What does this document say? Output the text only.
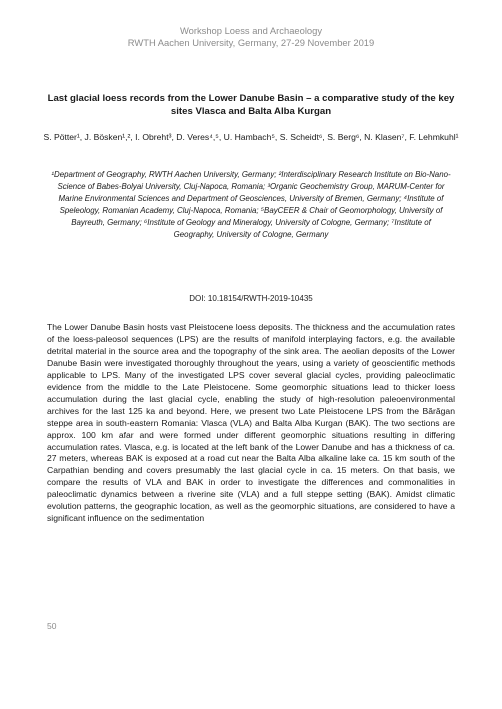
Workshop Loess and Archaeology
RWTH Aachen University, Germany, 27-29 November 2019
Last glacial loess records from the Lower Danube Basin – a comparative study of the key sites Vlasca and Balta Alba Kurgan
S. Pötter¹, J. Bösken¹,², I. Obreht³, D. Veres⁴,⁵, U. Hambach⁵, S. Scheidt⁶, S. Berg⁶, N. Klasen⁷, F. Lehmkuhl¹
¹Department of Geography, RWTH Aachen University, Germany; ²Interdisciplinary Research Institute on Bio-Nano-Science of Babes-Bolyai University, Cluj-Napoca, Romania; ³Organic Geochemistry Group, MARUM-Center for Marine Environmental Sciences and Department of Geosciences, University of Bremen, Germany; ⁴Institute of Speleology, Romanian Academy, Cluj-Napoca, Romania; ⁵BayCEER & Chair of Geomorphology, University of Bayreuth, Germany; ⁶Institute of Geology and Mineralogy, University of Cologne, Germany; ⁷Institute of Geography, University of Cologne, Germany
DOI: 10.18154/RWTH-2019-10435

The Lower Danube Basin hosts vast Pleistocene loess deposits. The thickness and the accumulation rates of the loess-paleosol sequences (LPS) are the results of manifold interplaying factors, e.g. the available detrital material in the source area and the topography of the sink area. The aeolian deposits of the Lower Danube Basin were investigated thoroughly throughout the years, using a variety of geoscientific methods applicable to LPS. Many of the investigated LPS cover several glacial cycles, providing paleoclimatic evidence from the middle to the Late Pleistocene. Some geomorphic situations lead to thicker loess accumulation during the last glacial cycle, enabling the study of high-resolution paleoenvironmental archives for the last 125 ka and beyond. Here, we present two Late Pleistocene LPS from the Bărăgan steppe area in south-eastern Romania: Vlasca (VLA) and Balta Alba Kurgan (BAK). The two sections are approx. 100 km afar and were formed under different geomorphic situations resulting in differing accumulation rates. Vlasca, e.g. is located at the left bank of the Lower Danube and has a thickness of ca. 27 meters, whereas BAK is exposed at a road cut near the Balta Alba alkaline lake ca. 15 km south of the Carpathian bending and covers presumably the last glacial cycle in ca. 15 meters. On that basis, we compare the results of VLA and BAK in order to investigate the differences and commonalities in paleoclimatic dynamics between a riverine site (VLA) and a full steppe setting (BAK). Amidst climatic evolution patterns, the geographic location, as well as the geomorphic situations, are considered to have a significant influence on the sedimentation

50
